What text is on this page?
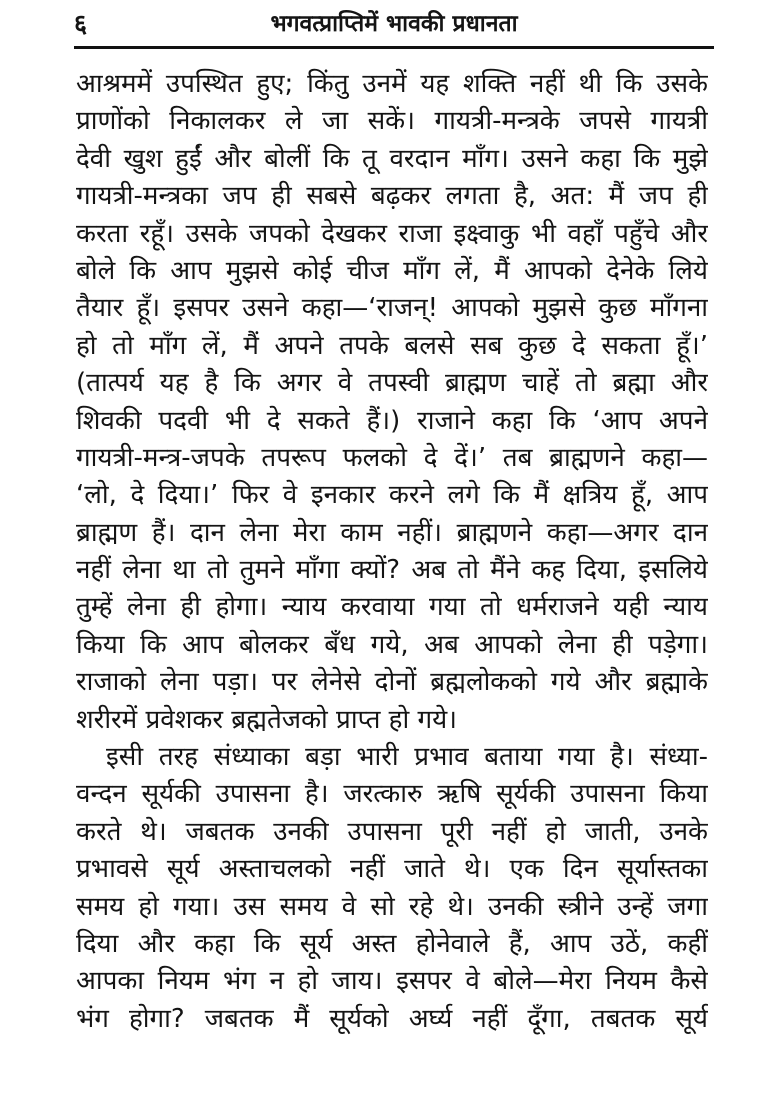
६	भगवत्प्राप्तिमें भावकी प्रधानता
आश्रममें उपस्थित हुए; किंतु उनमें यह शक्ति नहीं थी कि उसके
प्राणोंको निकालकर ले जा सकें। गायत्री-मन्त्रके जपसे गायत्री
देवी खुश हुईं और बोलीं कि तू वरदान माँग। उसने कहा कि मुझे
गायत्री-मन्त्रका जप ही सबसे बढ़कर लगता है, अत: मैं जप ही
करता रहूँ। उसके जपको देखकर राजा इक्ष्वाकु भी वहाँ पहुँचे और
बोले कि आप मुझसे कोई चीज माँग लें, मैं आपको देनेके लिये
तैयार हूँ। इसपर उसने कहा—‘राजन्! आपको मुझसे कुछ माँगना
हो तो माँग लें, मैं अपने तपके बलसे सब कुछ दे सकता हूँ।’
(तात्पर्य यह है कि अगर वे तपस्वी ब्राह्मण चाहें तो ब्रह्मा और
शिवकी पदवी भी दे सकते हैं।) राजाने कहा कि ‘आप अपने
गायत्री-मन्त्र-जपके तपरूप फलको दे दें।’ तब ब्राह्मणने कहा—
‘लो, दे दिया।’ फिर वे इनकार करने लगे कि मैं क्षत्रिय हूँ, आप
ब्राह्मण हैं। दान लेना मेरा काम नहीं। ब्राह्मणने कहा—अगर दान
नहीं लेना था तो तुमने माँगा क्यों? अब तो मैंने कह दिया, इसलिये
तुम्हें लेना ही होगा। न्याय करवाया गया तो धर्मराजने यही न्याय
किया कि आप बोलकर बँध गये, अब आपको लेना ही पड़ेगा।
राजाको लेना पड़ा। पर लेनेसे दोनों ब्रह्मलोकको गये और ब्रह्माके
शरीरमें प्रवेशकर ब्रह्मतेजको प्राप्त हो गये।
इसी तरह संध्याका बड़ा भारी प्रभाव बताया गया है। संध्या-
वन्दन सूर्यकी उपासना है। जरत्कारु ऋषि सूर्यकी उपासना किया
करते थे। जबतक उनकी उपासना पूरी नहीं हो जाती, उनके
प्रभावसे सूर्य अस्ताचलको नहीं जाते थे। एक दिन सूर्यास्तका
समय हो गया। उस समय वे सो रहे थे। उनकी स्त्रीने उन्हें जगा
दिया और कहा कि सूर्य अस्त होनेवाले हैं, आप उठें, कहीं
आपका नियम भंग न हो जाय। इसपर वे बोले—मेरा नियम कैसे
भंग होगा? जबतक मैं सूर्यको अर्घ्य नहीं दूँगा, तबतक सूर्य
